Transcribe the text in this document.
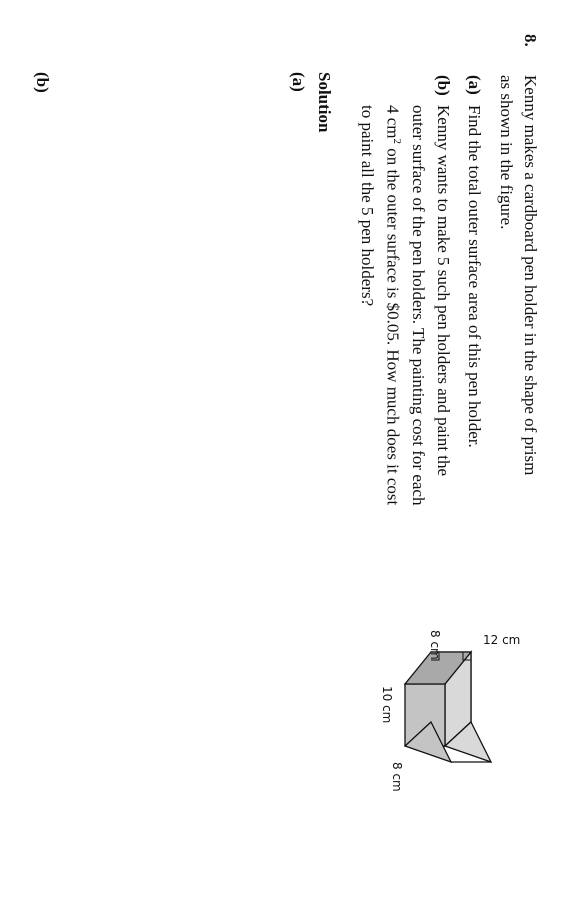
8.
Kenny makes a cardboard pen holder in the shape of prism
as shown in the figure.
(a)
Find the total outer surface area of this pen holder.
(b)
Kenny wants to make 5 such pen holders and paint the
outer surface of the pen holders. The painting cost for each
4 $cm^2$ on the outer surface is $0.05. How much does it cost
to paint all the 5 pen holders?
Solution
(a)
(b)
12 cm
8 cm
10 cm
8 cm
